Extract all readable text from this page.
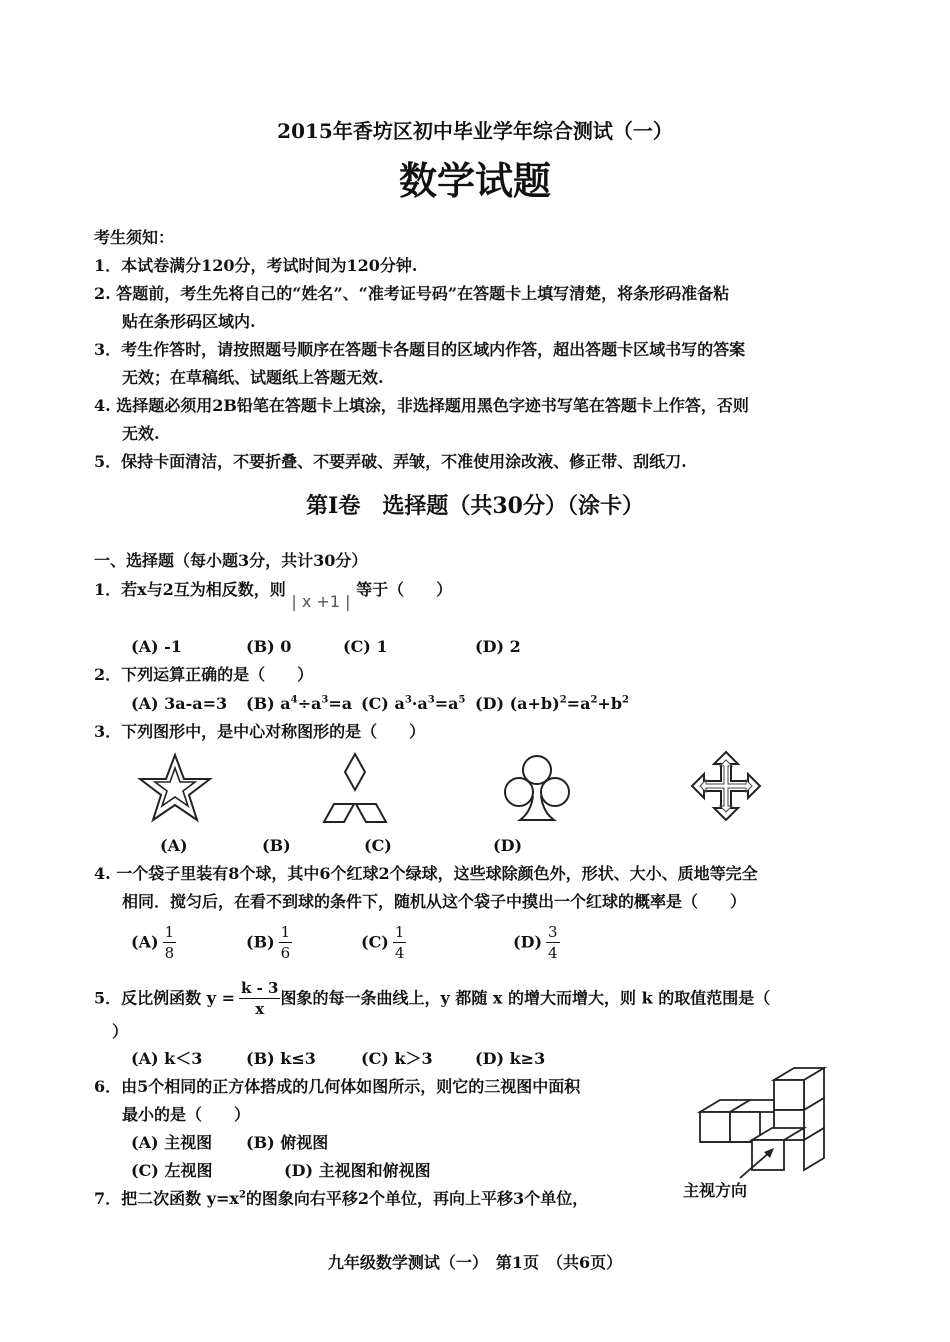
2015年香坊区初中毕业学年综合测试（一）
数学试题
考生须知：
1．本试卷满分120分，考试时间为120分钟.
2. 答题前，考生先将自己的“姓名”、“准考证号码”在答题卡上填写清楚，将条形码准备粘
贴在条形码区域内.
3．考生作答时，请按照题号顺序在答题卡各题目的区域内作答，超出答题卡区域书写的答案
无效；在草稿纸、试题纸上答题无效.
4. 选择题必须用2B铅笔在答题卡上填涂，非选择题用黑色字迹书写笔在答题卡上作答，否则
无效.
5．保持卡面清洁，不要折叠、不要弄破、弄皱，不准使用涂改液、修正带、刮纸刀.
第Ⅰ卷　选择题（共30分）（涂卡）
一、选择题（每小题3分，共计30分）
1．若x与2互为相反数，则 | x +1 | 等于（　　）
(A) -1	(B) 0	(C) 1	(D) 2
2．下列运算正确的是（　　）
(A) 3a-a=3 (B) $a^4\div a^3=a$ (C) $a^3\cdot a^3=a^5$ (D) $(a+b)^2=a^2+b^2$
3．下列图形中，是中心对称图形的是（　　）
(A)	(B)	(C)	(D)
4. 一个袋子里装有8个球，其中6个红球2个绿球，这些球除颜色外，形状、大小、质地等完全
相同．搅匀后，在看不到球的条件下，随机从这个袋子中摸出一个红球的概率是（　　）
$(A) \frac{1}{8}$	$(B) \frac{1}{6}$	$(C) \frac{1}{4}$	$(D) \frac{3}{4}$
5．反比例函数 $y = \frac{k - 3}{x}$ 图象的每一条曲线上，y 都随 x 的增大而增大，则 k 的取值范围是（
）
(A) k＜3	(B) k≤3	(C) k＞3	(D) k≥3
6．由5个相同的正方体搭成的几何体如图所示，则它的三视图中面积
最小的是（　　）
(A) 主视图 (B) 俯视图
(C) 左视图	(D) 主视图和俯视图
主视方向
7．把二次函数 $y=x^2$的图象向右平移2个单位，再向上平移3个单位，
九年级数学测试（一）　第1页　（共6页）
